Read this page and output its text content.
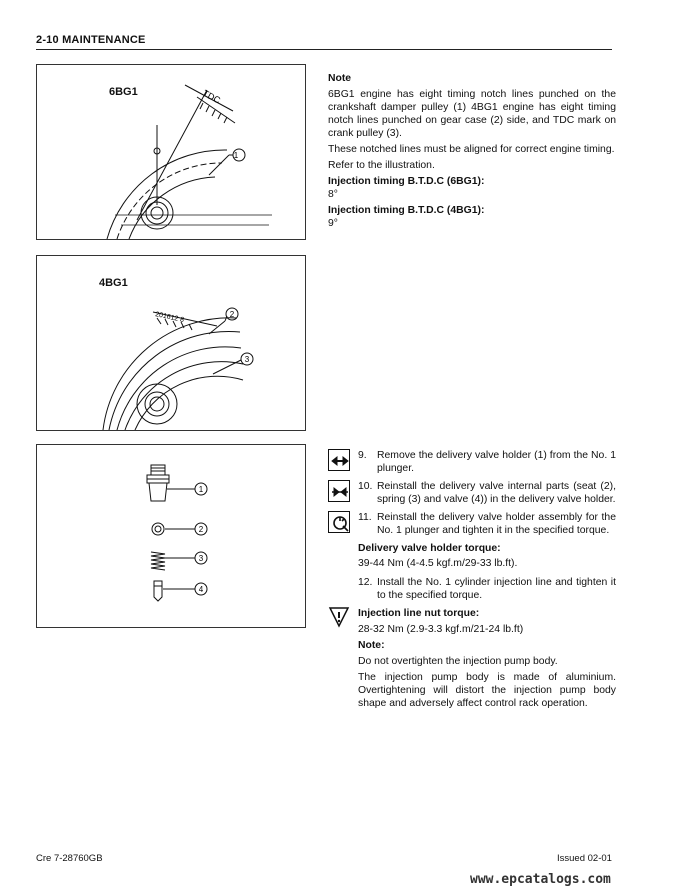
2-10 MAINTENANCE
TDC
1
6BG1
201612 8	2
3
4BG1
1
2
3
4

Note

6BG1 engine has eight timing notch lines punched on the crankshaft damper pulley (1) 4BG1 engine has eight timing notch lines punched on gear case (2) side, and TDC mark on crank pulley (3).

These notched lines must be aligned for correct engine timing.

Refer to the illustration.

Injection timing B.T.D.C (6BG1):

8°

Injection timing B.T.D.C (4BG1):

9°

9. Remove the delivery valve holder (1) from the No. 1 plunger.
10. Reinstall the delivery valve internal parts (seat (2), spring (3) and valve (4)) in the delivery valve holder.
11. Reinstall the delivery valve holder assembly for the No. 1 plunger and tighten it in the specified torque.
Delivery valve holder torque:
39-44 Nm (4-4.5 kgf.m/29-33 lb.ft).
12. Install the No. 1 cylinder injection line and tighten it to the specified torque.
Injection line nut torque:
28-32 Nm (2.9-3.3 kgf.m/21-24 lb.ft)
Note:
Do not overtighten the injection pump body.
The injection pump body is made of aluminium. Overtightening will distort the injection pump body shape and adversely affect control rack operation.
Cre 7-28760GB	Issued 02-01
www.epcatalogs.com
